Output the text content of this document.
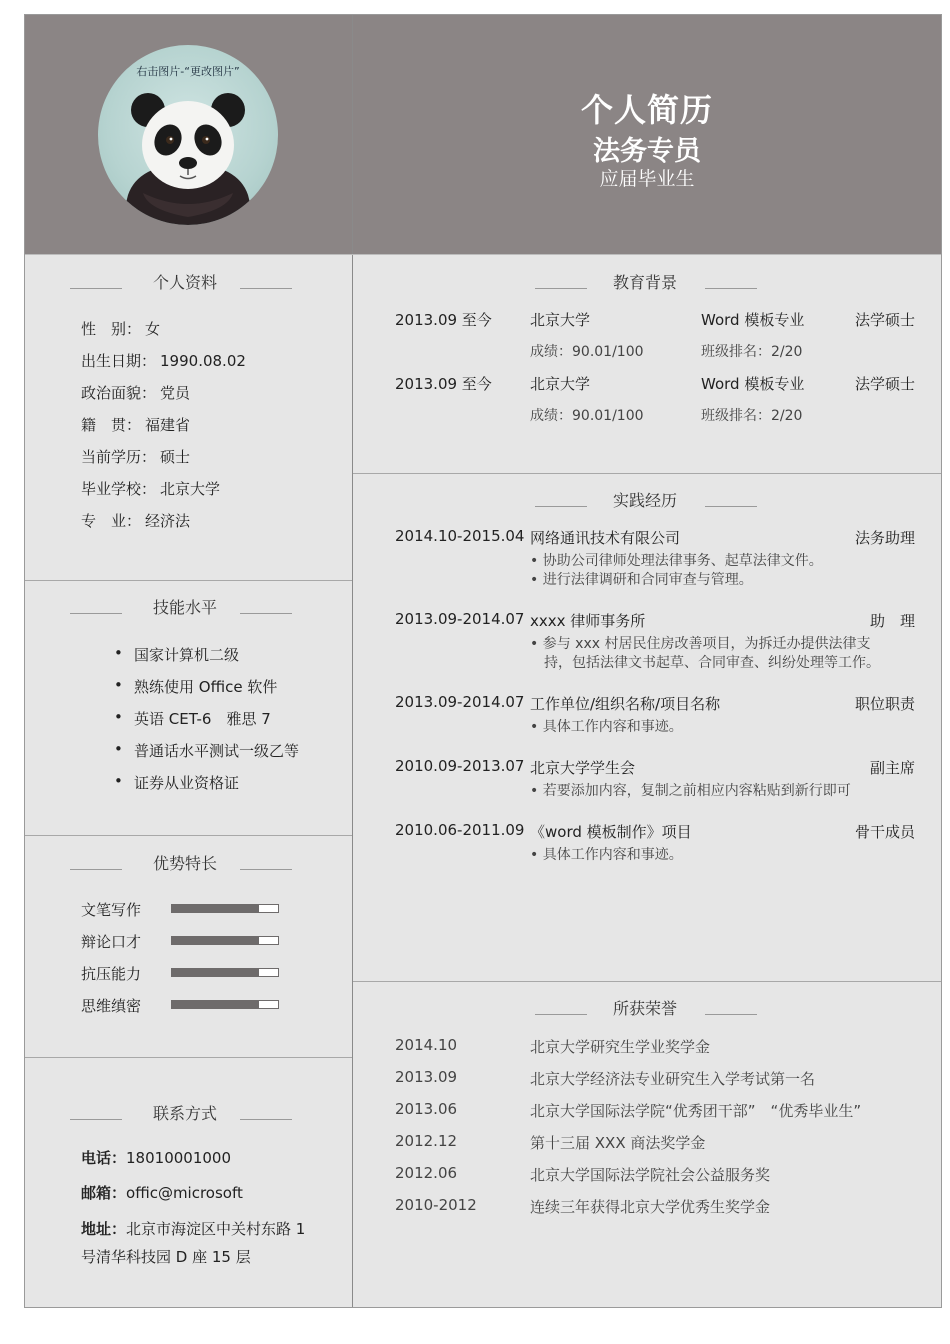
右击图片-“更改图片”
个人简历
法务专员
应届毕业生
个人资料
性　别： 女
出生日期： 1990.08.02
政治面貌： 党员
籍　贯： 福建省
当前学历： 硕士
毕业学校： 北京大学
专　业： 经济法
技能水平
• 国家计算机二级
• 熟练使用 Office 软件
• 英语 CET-6　雅思 7
• 普通话水平测试一级乙等
• 证券从业资格证
优势特长
文笔写作
辩论口才
抗压能力
思维缜密
联系方式
电话：18010001000
邮箱：offic@microsoft
地址：北京市海淀区中关村东路 1
号清华科技园 D 座 15 层
教育背景
2013.09 至今	北京大学	Word 模板专业	法学硕士
成绩：90.01/100	班级排名：2/20
2013.09 至今	北京大学	Word 模板专业	法学硕士
成绩：90.01/100	班级排名：2/20
实践经历
2014.10-2015.04 网络通讯技术有限公司	法务助理
• 协助公司律师处理法律事务、起草法律文件。
• 进行法律调研和合同审查与管理。
2013.09-2014.07 xxxx 律师事务所	助　理
• 参与 xxx 村居民住房改善项目，为拆迁办提供法律支
　持，包括法律文书起草、合同审查、纠纷处理等工作。
2013.09-2014.07 工作单位/组织名称/项目名称	职位职责
• 具体工作内容和事迹。
2010.09-2013.07 北京大学学生会	副主席
• 若要添加内容，复制之前相应内容粘贴到新行即可
2010.06-2011.09 《word 模板制作》项目	骨干成员
• 具体工作内容和事迹。
所获荣誉
2014.10	北京大学研究生学业奖学金
2013.09	北京大学经济法专业研究生入学考试第一名
2013.06	北京大学国际法学院“优秀团干部”　“优秀毕业生”
2012.12	第十三届 XXX 商法奖学金
2012.06	北京大学国际法学院社会公益服务奖
2010-2012	连续三年获得北京大学优秀生奖学金
